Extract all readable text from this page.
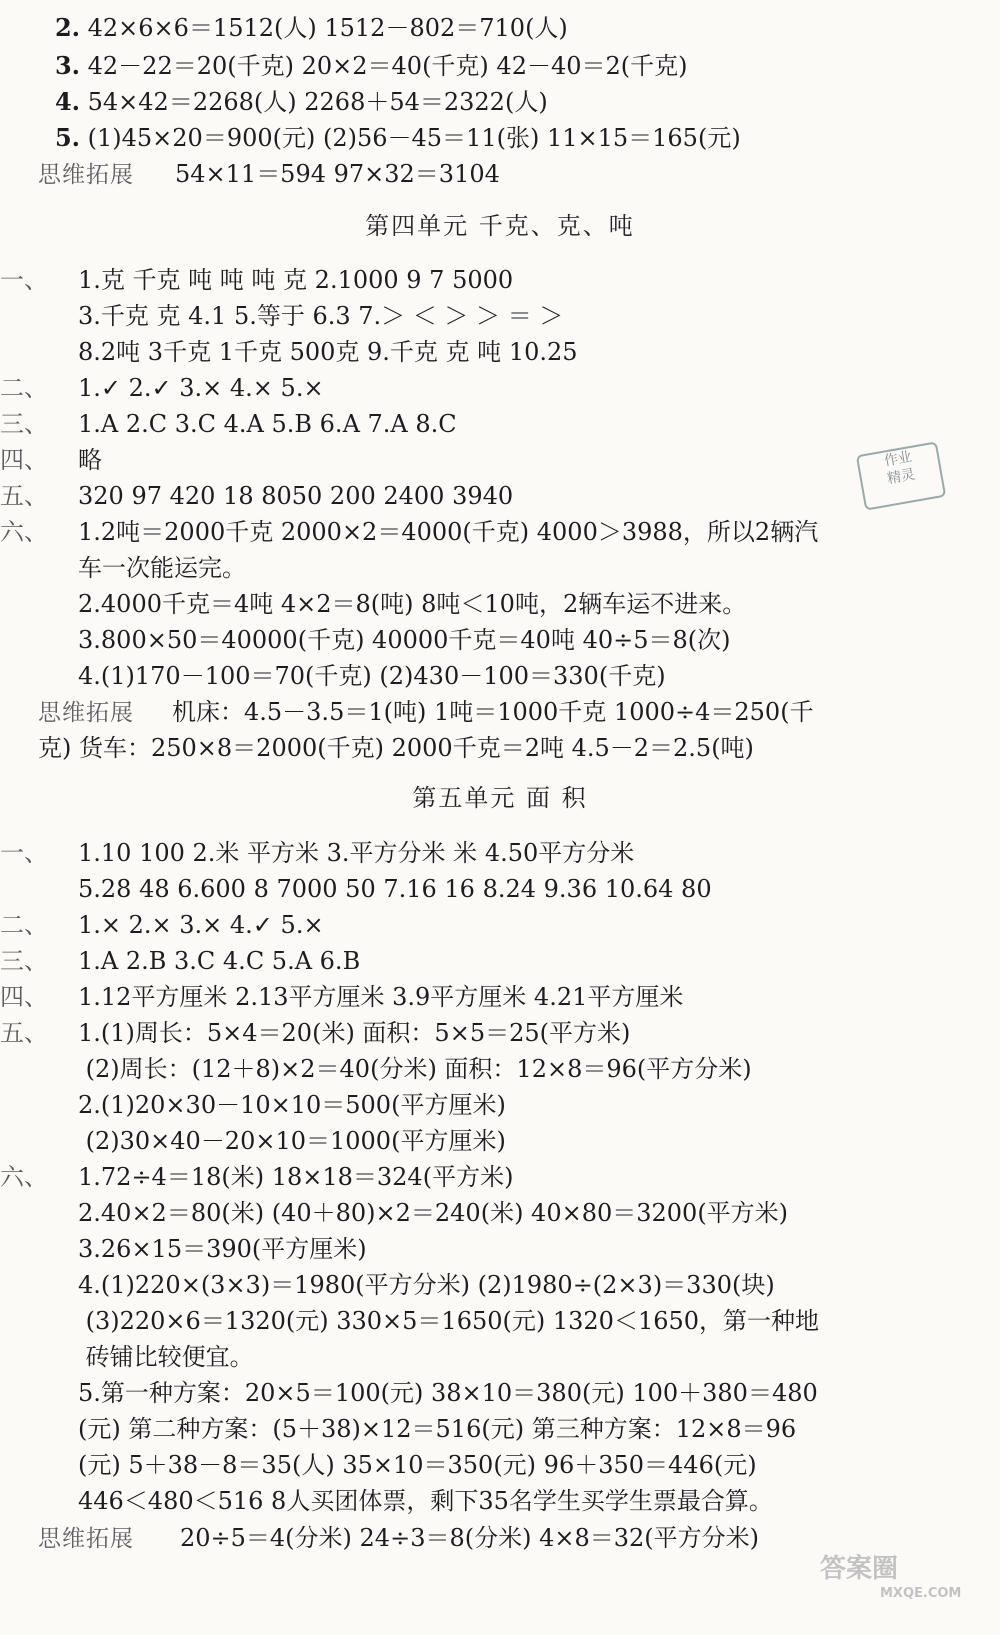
2. 42×6×6＝1512(人) 1512－802＝710(人)
3. 42－22＝20(千克) 20×2＝40(千克) 42－40＝2(千克)
4. 54×42＝2268(人) 2268＋54＝2322(人)
5. (1)45×20＝900(元) (2)56－45＝11(张) 11×15＝165(元)
思维拓展 54×11＝594 97×32＝3104
第四单元 千克、克、吨
一、 1.克 千克 吨 吨 吨 克 2.1000 9 7 5000
3.千克 克 4.1 5.等于 6.3 7.＞ ＜ ＞ ＞ ＝ ＞
8.2吨 3千克 1千克 500克 9.千克 克 吨 10.25
二、 1.✓ 2.✓ 3.× 4.× 5.×
三、 1.A 2.C 3.C 4.A 5.B 6.A 7.A 8.C
四、 略
五、 320 97 420 18 8050 200 2400 3940
六、 1.2吨＝2000千克 2000×2＝4000(千克) 4000＞3988，所以2辆汽
车一次能运完。
2.4000千克＝4吨 4×2＝8(吨) 8吨＜10吨，2辆车运不进来。
3.800×50＝40000(千克) 40000千克＝40吨 40÷5＝8(次)
4.(1)170－100＝70(千克) (2)430－100＝330(千克)
思维拓展 机床：4.5－3.5＝1(吨) 1吨＝1000千克 1000÷4＝250(千
克) 货车：250×8＝2000(千克) 2000千克＝2吨 4.5－2＝2.5(吨)
作业
精灵
第五单元 面 积
一、 1.10 100 2.米 平方米 3.平方分米 米 4.50平方分米
5.28 48 6.600 8 7000 50 7.16 16 8.24 9.36 10.64 80
二、 1.× 2.× 3.× 4.✓ 5.×
三、 1.A 2.B 3.C 4.C 5.A 6.B
四、 1.12平方厘米 2.13平方厘米 3.9平方厘米 4.21平方厘米
五、 1.(1)周长：5×4＝20(米) 面积：5×5＝25(平方米)
(2)周长：(12＋8)×2＝40(分米) 面积：12×8＝96(平方分米)
2.(1)20×30－10×10＝500(平方厘米)
(2)30×40－20×10＝1000(平方厘米)
六、 1.72÷4＝18(米) 18×18＝324(平方米)
2.40×2＝80(米) (40＋80)×2＝240(米) 40×80＝3200(平方米)
3.26×15＝390(平方厘米)
4.(1)220×(3×3)＝1980(平方分米) (2)1980÷(2×3)＝330(块)
(3)220×6＝1320(元) 330×5＝1650(元) 1320＜1650，第一种地
砖铺比较便宜。
5.第一种方案：20×5＝100(元) 38×10＝380(元) 100＋380＝480
(元) 第二种方案：(5＋38)×12＝516(元) 第三种方案：12×8＝96
(元) 5＋38－8＝35(人) 35×10＝350(元) 96＋350＝446(元)
446＜480＜516 8人买团体票，剩下35名学生买学生票最合算。
思维拓展 20÷5＝4(分米) 24÷3＝8(分米) 4×8＝32(平方分米)
答案圈
MXQE.COM
